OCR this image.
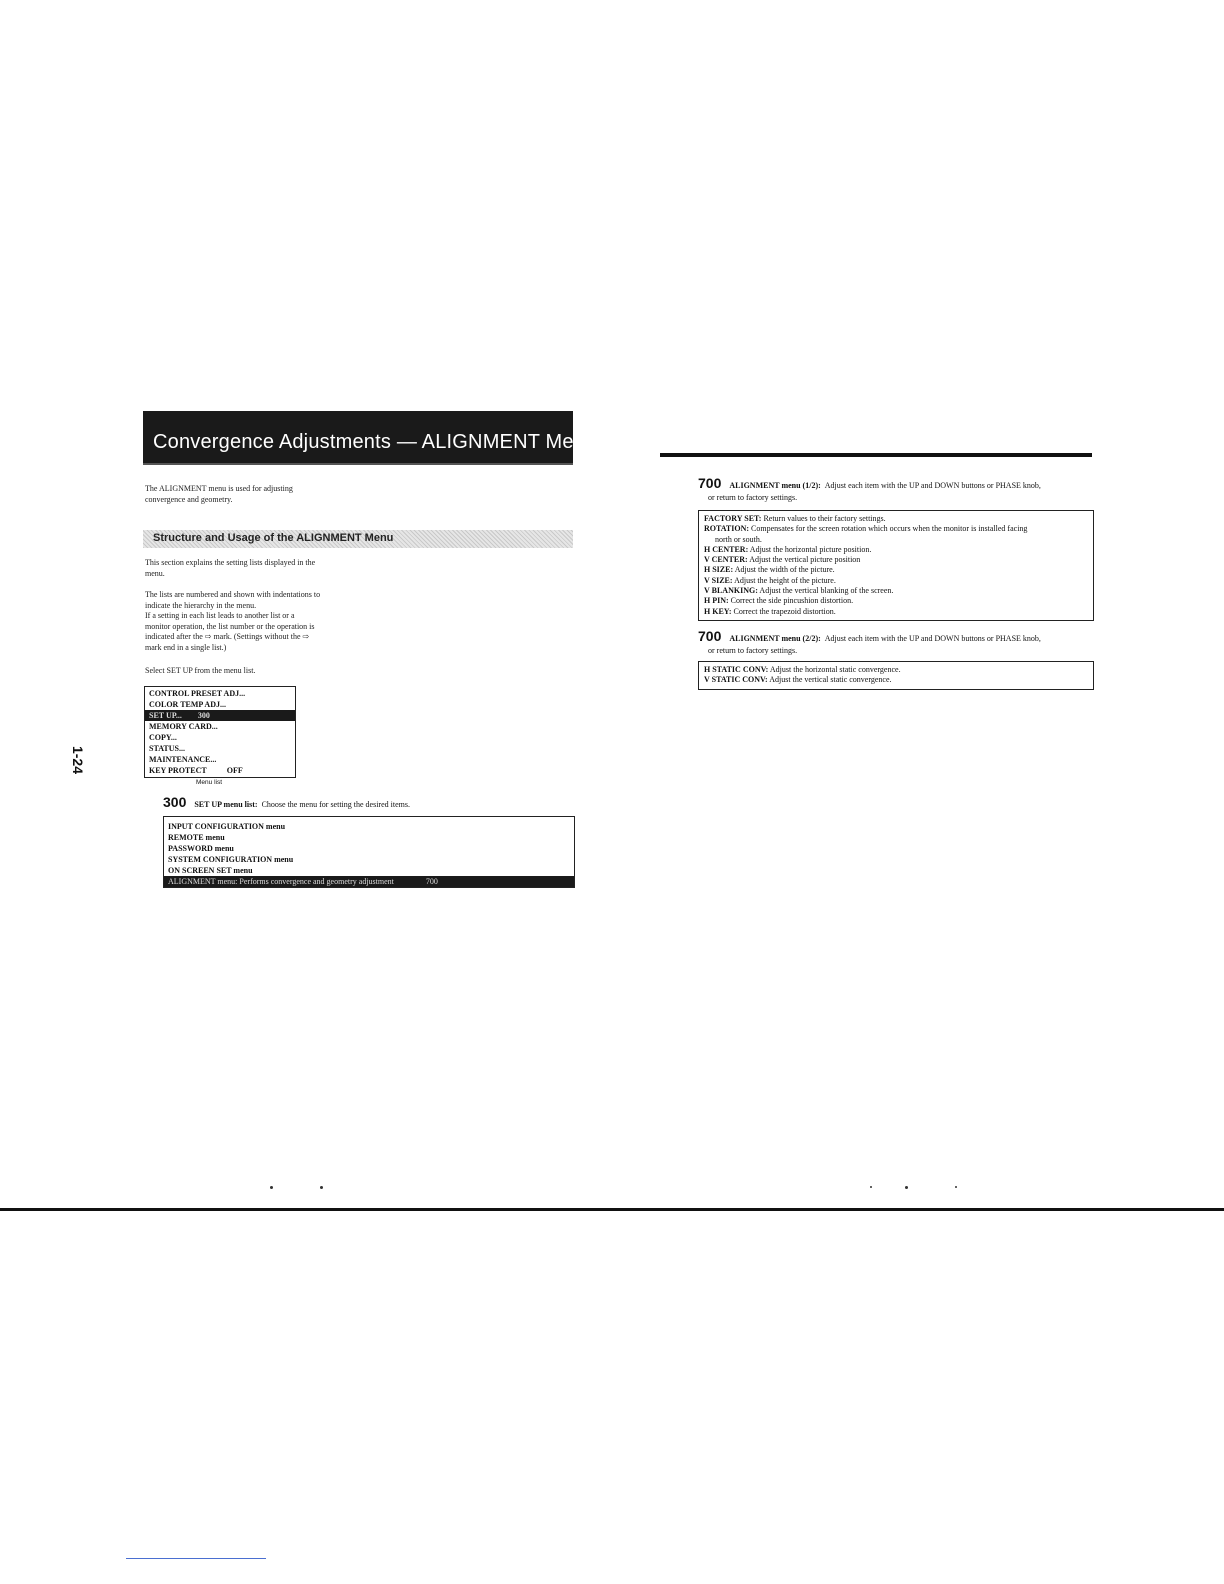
1-24
Convergence Adjustments — ALIGNMENT Menu
The ALIGNMENT menu is used for adjusting
convergence and geometry.
Structure and Usage of the ALIGNMENT Menu
This section explains the setting lists displayed in the
menu.
The lists are numbered and shown with indentations to
indicate the hierarchy in the menu.
If a setting in each list leads to another list or a
monitor operation, the list number or the operation is
indicated after the ⇨ mark. (Settings without the ⇨
mark end in a single list.)
Select SET UP from the menu list.
CONTROL PRESET ADJ...
COLOR TEMP ADJ...
SET UP... 300
MEMORY CARD...
COPY...
STATUS...
MAINTENANCE...
KEY PROTECT	OFF
Menu list
300 SET UP menu list: Choose the menu for setting the desired items.
INPUT CONFIGURATION menu
REMOTE menu
PASSWORD menu
SYSTEM CONFIGURATION menu
ON SCREEN SET menu
ALIGNMENT menu: Performs convergence and geometry adjustment	700
700 ALIGNMENT menu (1/2): Adjust each item with the UP and DOWN buttons or PHASE knob,
or return to factory settings.
FACTORY SET: Return values to their factory settings.
ROTATION: Compensates for the screen rotation which occurs when the monitor is installed facing
north or south.
H CENTER: Adjust the horizontal picture position.
V CENTER: Adjust the vertical picture position
H SIZE: Adjust the width of the picture.
V SIZE: Adjust the height of the picture.
V BLANKING: Adjust the vertical blanking of the screen.
H PIN: Correct the side pincushion distortion.
H KEY: Correct the trapezoid distortion.
700 ALIGNMENT menu (2/2): Adjust each item with the UP and DOWN buttons or PHASE knob,
or return to factory settings.
H STATIC CONV: Adjust the horizontal static convergence.
V STATIC CONV: Adjust the vertical static convergence.
